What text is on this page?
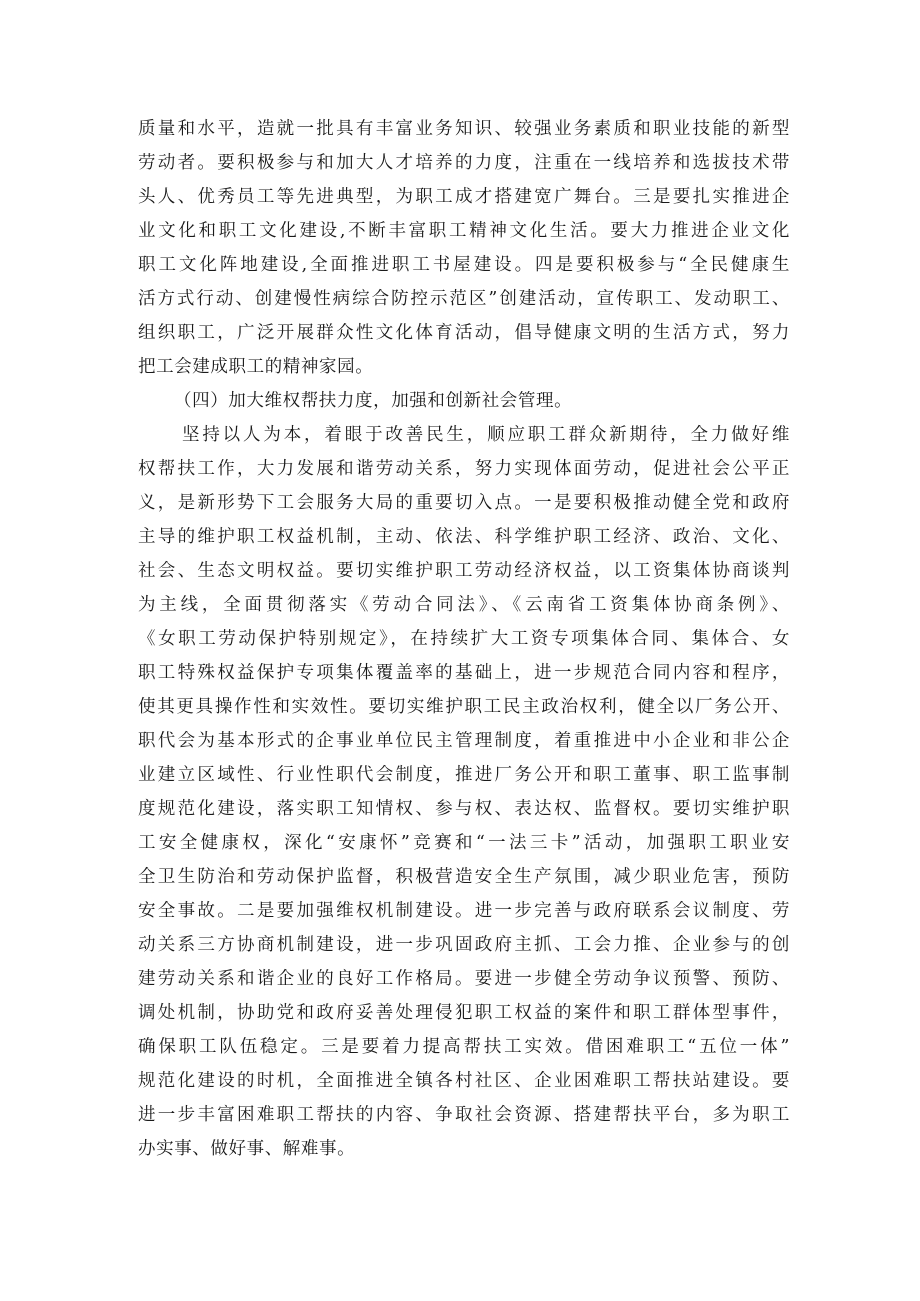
质量和水平，造就一批具有丰富业务知识、较强业务素质和职业技能的新型
劳动者。要积极参与和加大人才培养的力度，注重在一线培养和选拔技术带
头人、优秀员工等先进典型，为职工成才搭建宽广舞台。三是要扎实推进企
业文化和职工文化建设,不断丰富职工精神文化生活。要大力推进企业文化
职工文化阵地建设,全面推进职工书屋建设。四是要积极参与“全民健康生
活方式行动、创建慢性病综合防控示范区”创建活动，宣传职工、发动职工、
组织职工，广泛开展群众性文化体育活动，倡导健康文明的生活方式，努力
把工会建成职工的精神家园。
（四）加大维权帮扶力度，加强和创新社会管理。
坚持以人为本，着眼于改善民生，顺应职工群众新期待，全力做好维
权帮扶工作，大力发展和谐劳动关系，努力实现体面劳动，促进社会公平正
义，是新形势下工会服务大局的重要切入点。一是要积极推动健全党和政府
主导的维护职工权益机制，主动、依法、科学维护职工经济、政治、文化、
社会、生态文明权益。要切实维护职工劳动经济权益，以工资集体协商谈判
为主线，全面贯彻落实《劳动合同法》、《云南省工资集体协商条例》、
《女职工劳动保护特别规定》，在持续扩大工资专项集体合同、集体合、女
职工特殊权益保护专项集体覆盖率的基础上，进一步规范合同内容和程序，
使其更具操作性和实效性。要切实维护职工民主政治权利，健全以厂务公开、
职代会为基本形式的企事业单位民主管理制度，着重推进中小企业和非公企
业建立区域性、行业性职代会制度，推进厂务公开和职工董事、职工监事制
度规范化建设，落实职工知情权、参与权、表达权、监督权。要切实维护职
工安全健康权，深化“安康怀”竞赛和“一法三卡”活动，加强职工职业安
全卫生防治和劳动保护监督，积极营造安全生产氛围，减少职业危害，预防
安全事故。二是要加强维权机制建设。进一步完善与政府联系会议制度、劳
动关系三方协商机制建设，进一步巩固政府主抓、工会力推、企业参与的创
建劳动关系和谐企业的良好工作格局。要进一步健全劳动争议预警、预防、
调处机制，协助党和政府妥善处理侵犯职工权益的案件和职工群体型事件，
确保职工队伍稳定。三是要着力提高帮扶工实效。借困难职工“五位一体”
规范化建设的时机，全面推进全镇各村社区、企业困难职工帮扶站建设。要
进一步丰富困难职工帮扶的内容、争取社会资源、搭建帮扶平台，多为职工
办实事、做好事、解难事。
